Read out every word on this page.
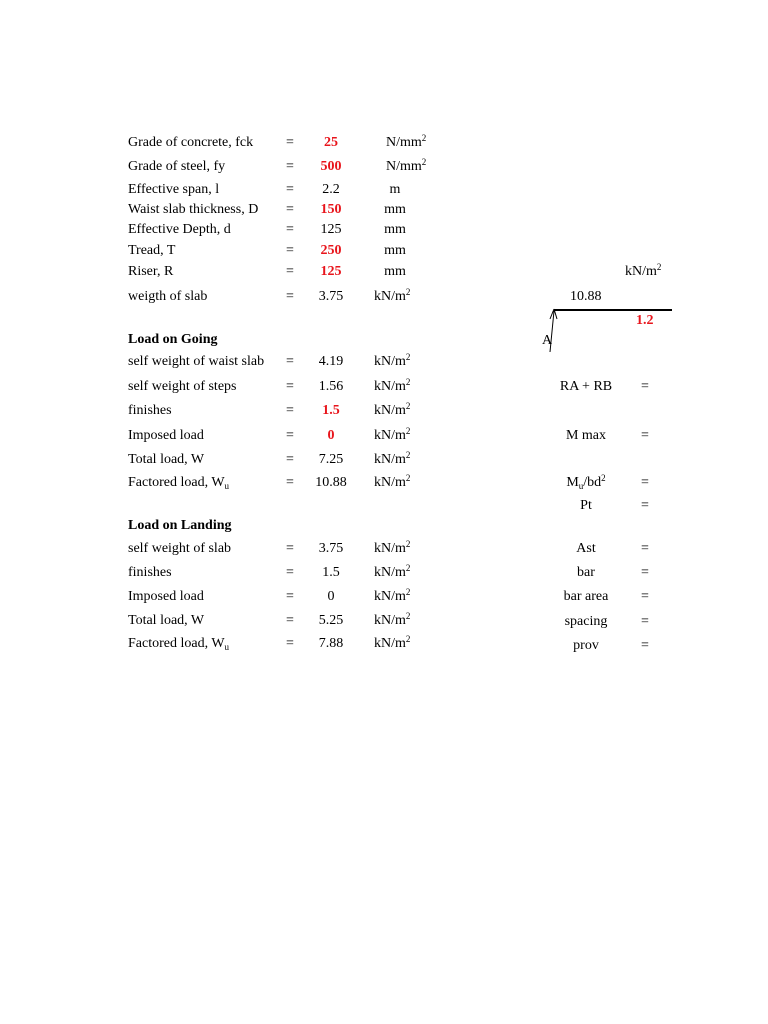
Grade of concrete, fck =	25	$N/mm^2$
Grade of steel, fy	=	500	$N/mm^2$
Effective span, l	=	2.2	m
Waist slab thickness, D =	150	mm
Effective Depth, d	=	125	mm
Tread, T	=	250	mm
Riser, R	=	125	mm
weigth of slab	=	3.75	$kN/m^2$
Load on Going
self weight of waist slab =	4.19	$kN/m^2$
self weight of steps	=	1.56	$kN/m^2$
finishes	=	1.5	$kN/m^2$
Imposed load	=	0	$kN/m^2$
Total load, W	=	7.25	$kN/m^2$
Factored load, $W_u$	=	10.88	$kN/m^2$
Load on Landing
self weight of slab	=	3.75	$kN/m^2$
finishes	=	1.5	$kN/m^2$
Imposed load	=	0	$kN/m^2$
Total load, W	=	5.25	$kN/m^2$
Factored load, $W_u$	=	7.88	$kN/m^2$
$kN/m^2$
10.88
1.2
A
RA + RB	=
M max	=
$M_u/bd^2$	=
Pt	=
Ast	=
bar	=
bar area	=
spacing	=
prov	=
